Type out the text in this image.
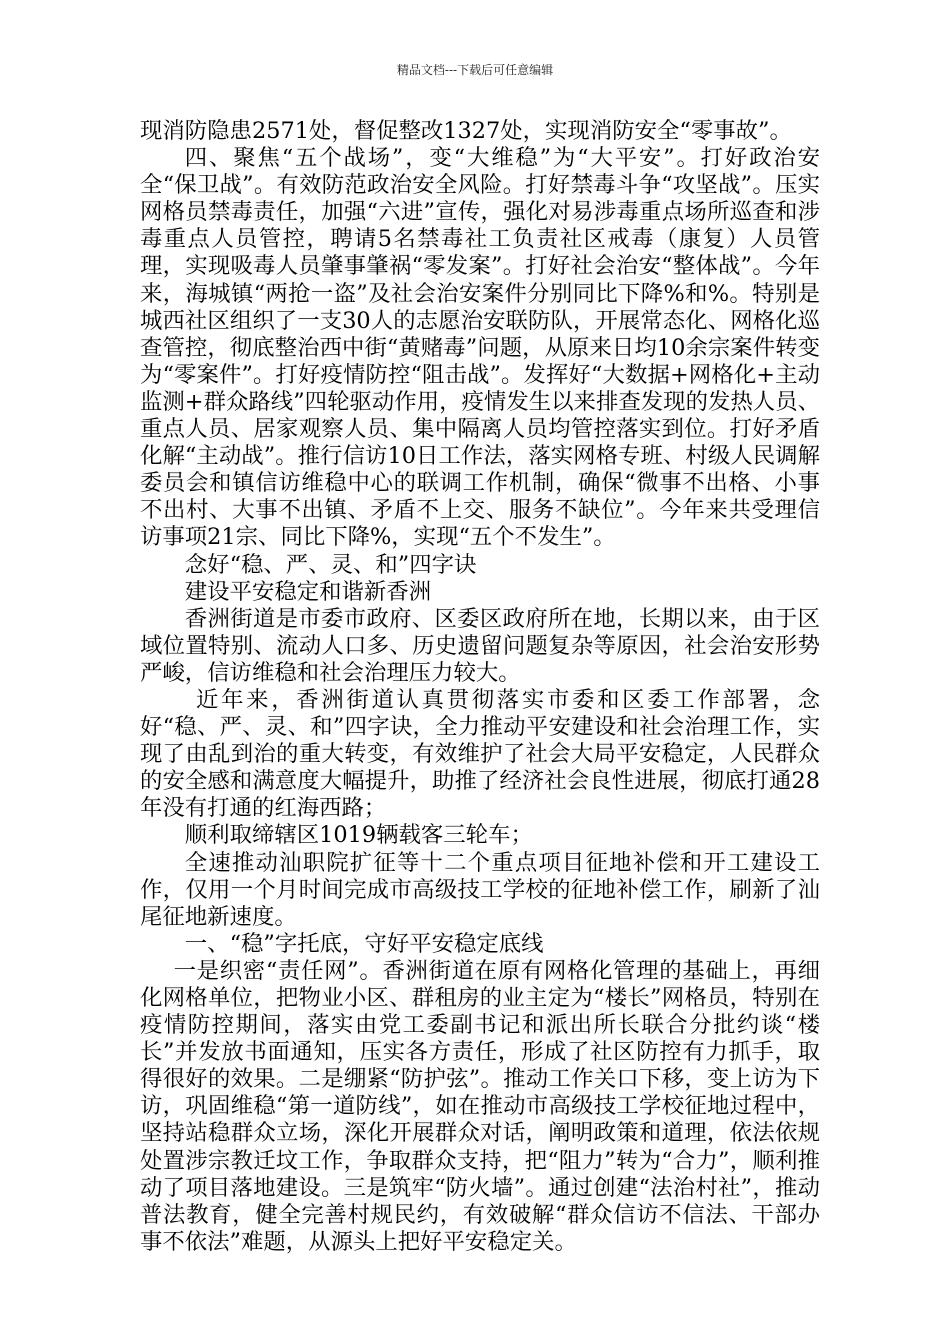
精品文档---下载后可任意编辑

现消防隐患2571处，督促整改1327处，实现消防安全“零事故”。

四、聚焦“五个战场”，变“大维稳”为“大平安”。打好政治安全“保卫战”。有效防范政治安全风险。打好禁毒斗争“攻坚战”。压实网格员禁毒责任，加强“六进”宣传，强化对易涉毒重点场所巡查和涉毒重点人员管控，聘请5名禁毒社工负责社区戒毒（康复）人员管理，实现吸毒人员肇事肇祸“零发案”。打好社会治安“整体战”。今年来，海城镇“两抢一盗”及社会治安案件分别同比下降%和%。特别是城西社区组织了一支30人的志愿治安联防队，开展常态化、网格化巡查管控，彻底整治西中街“黄赌毒”问题，从原来日均10余宗案件转变为“零案件”。打好疫情防控“阻击战”。发挥好“大数据+网格化+主动监测+群众路线”四轮驱动作用，疫情发生以来排查发现的发热人员、重点人员、居家观察人员、集中隔离人员均管控落实到位。打好矛盾化解“主动战”。推行信访10日工作法，落实网格专班、村级人民调解委员会和镇信访维稳中心的联调工作机制，确保“微事不出格、小事不出村、大事不出镇、矛盾不上交、服务不缺位”。今年来共受理信访事项21宗、同比下降%，实现“五个不发生”。

念好“稳、严、灵、和”四字诀

建设平安稳定和谐新香洲

香洲街道是市委市政府、区委区政府所在地，长期以来，由于区域位置特别、流动人口多、历史遗留问题复杂等原因，社会治安形势严峻，信访维稳和社会治理压力较大。

近年来，香洲街道认真贯彻落实市委和区委工作部署，念好“稳、严、灵、和”四字诀，全力推动平安建设和社会治理工作，实现了由乱到治的重大转变，有效维护了社会大局平安稳定，人民群众的安全感和满意度大幅提升，助推了经济社会良性进展，彻底打通28年没有打通的红海西路；

顺利取缔辖区1019辆载客三轮车；

全速推动汕职院扩征等十二个重点项目征地补偿和开工建设工作，仅用一个月时间完成市高级技工学校的征地补偿工作，刷新了汕尾征地新速度。

一、“稳”字托底，守好平安稳定底线

一是织密“责任网”。香洲街道在原有网格化管理的基础上，再细化网格单位，把物业小区、群租房的业主定为“楼长”网格员，特别在疫情防控期间，落实由党工委副书记和派出所长联合分批约谈“楼长”并发放书面通知，压实各方责任，形成了社区防控有力抓手，取得很好的效果。二是绷紧“防护弦”。推动工作关口下移，变上访为下访，巩固维稳“第一道防线”，如在推动市高级技工学校征地过程中，坚持站稳群众立场，深化开展群众对话，阐明政策和道理，依法依规处置涉宗教迁坟工作，争取群众支持，把“阻力”转为“合力”，顺利推动了项目落地建设。三是筑牢“防火墙”。通过创建“法治村社”，推动普法教育，健全完善村规民约，有效破解“群众信访不信法、干部办事不依法”难题，从源头上把好平安稳定关。
